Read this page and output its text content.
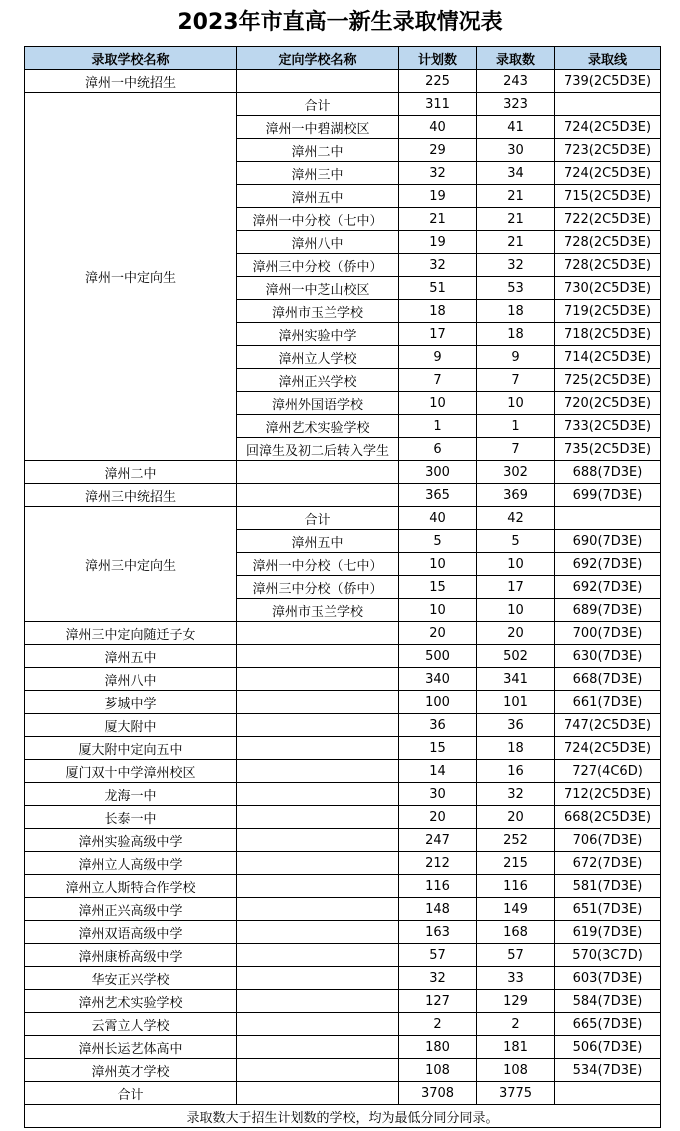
2023年市直高一新生录取情况表
录取学校名称	定向学校名称	计划数	录取数	录取线
漳州一中统招生		225	243	739(2C5D3E)
漳州一中定向生	合计	311	323	
	漳州一中碧湖校区	40	41	724(2C5D3E)
	漳州二中	29	30	723(2C5D3E)
	漳州三中	32	34	724(2C5D3E)
	漳州五中	19	21	715(2C5D3E)
	漳州一中分校（七中）	21	21	722(2C5D3E)
	漳州八中	19	21	728(2C5D3E)
	漳州三中分校（侨中）	32	32	728(2C5D3E)
	漳州一中芝山校区	51	53	730(2C5D3E)
	漳州市玉兰学校	18	18	719(2C5D3E)
	漳州实验中学	17	18	718(2C5D3E)
	漳州立人学校	9	9	714(2C5D3E)
	漳州正兴学校	7	7	725(2C5D3E)
	漳州外国语学校	10	10	720(2C5D3E)
	漳州艺术实验学校	1	1	733(2C5D3E)
	回漳生及初二后转入学生	6	7	735(2C5D3E)
漳州二中		300	302	688(7D3E)
漳州三中统招生		365	369	699(7D3E)
漳州三中定向生	合计	40	42	
	漳州五中	5	5	690(7D3E)
	漳州一中分校（七中）	10	10	692(7D3E)
	漳州三中分校（侨中）	15	17	692(7D3E)
	漳州市玉兰学校	10	10	689(7D3E)
漳州三中定向随迁子女		20	20	700(7D3E)
漳州五中		500	502	630(7D3E)
漳州八中		340	341	668(7D3E)
芗城中学		100	101	661(7D3E)
厦大附中		36	36	747(2C5D3E)
厦大附中定向五中		15	18	724(2C5D3E)
厦门双十中学漳州校区		14	16	727(4C6D)
龙海一中		30	32	712(2C5D3E)
长泰一中		20	20	668(2C5D3E)
漳州实验高级中学		247	252	706(7D3E)
漳州立人高级中学		212	215	672(7D3E)
漳州立人斯特合作学校		116	116	581(7D3E)
漳州正兴高级中学		148	149	651(7D3E)
漳州双语高级中学		163	168	619(7D3E)
漳州康桥高级中学		57	57	570(3C7D)
华安正兴学校		32	33	603(7D3E)
漳州艺术实验学校		127	129	584(7D3E)
云霄立人学校		2	2	665(7D3E)
漳州长运艺体高中		180	181	506(7D3E)
漳州英才学校		108	108	534(7D3E)
合计		3708	3775	
录取数大于招生计划数的学校，均为最低分同分同录。				
